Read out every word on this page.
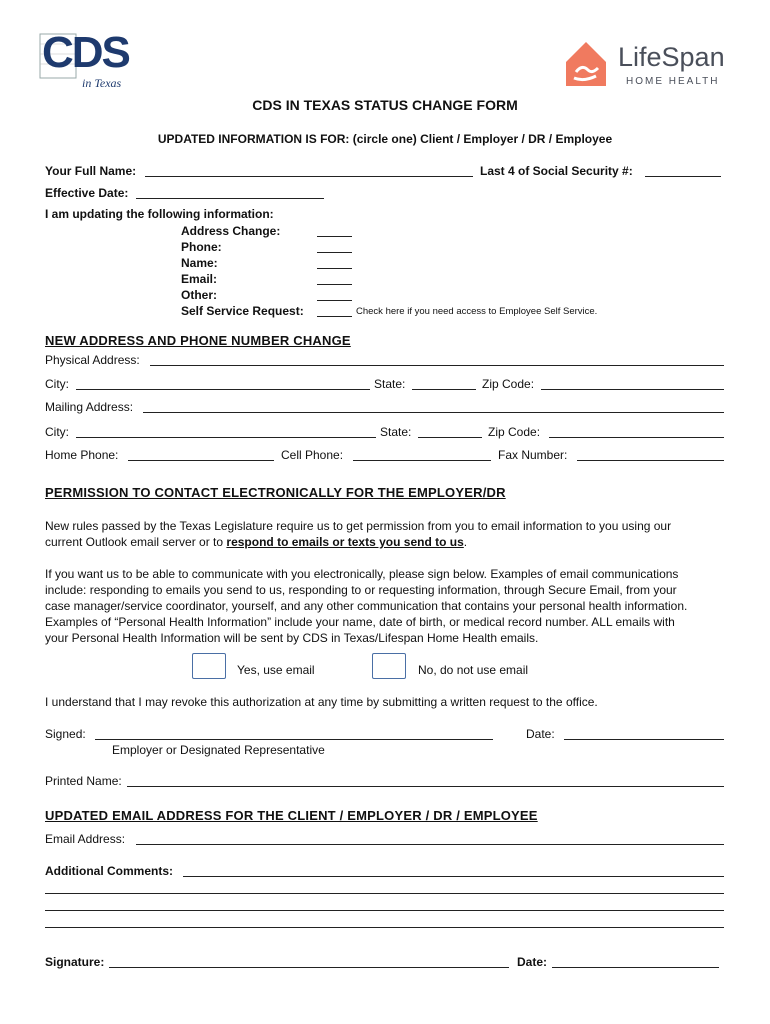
CDS
in Texas
LifeSpan
HOME HEALTH
CDS IN TEXAS STATUS CHANGE FORM
UPDATED INFORMATION IS FOR: (circle one) Client / Employer / DR / Employee
Your Full Name:	Last 4 of Social Security #:
Effective Date:
I am updating the following information:
Address Change:
Phone:
Name:
Email:
Other:
Self Service Request:	Check here if you need access to Employee Self Service.
NEW ADDRESS AND PHONE NUMBER CHANGE
Physical Address:
City:	State:	Zip Code:
Mailing Address:
City:	State:	Zip Code:
Home Phone:	Cell Phone:	Fax Number:
PERMISSION TO CONTACT ELECTRONICALLY FOR THE EMPLOYER/DR
New rules passed by the Texas Legislature require us to get permission from you to email information to you using our
current Outlook email server or to respond to emails or texts you send to us.
If you want us to be able to communicate with you electronically, please sign below. Examples of email communications
include: responding to emails you send to us, responding to or requesting information, through Secure Email, from your
case manager/service coordinator, yourself, and any other communication that contains your personal health information.
Examples of “Personal Health Information” include your name, date of birth, or medical record number. ALL emails with
your Personal Health Information will be sent by CDS in Texas/Lifespan Home Health emails.
Yes, use email	No, do not use email
I understand that I may revoke this authorization at any time by submitting a written request to the office.
Signed:	Date:
Employer or Designated Representative
Printed Name:
UPDATED EMAIL ADDRESS FOR THE CLIENT / EMPLOYER / DR / EMPLOYEE
Email Address:
Additional Comments:
Signature:	Date:
